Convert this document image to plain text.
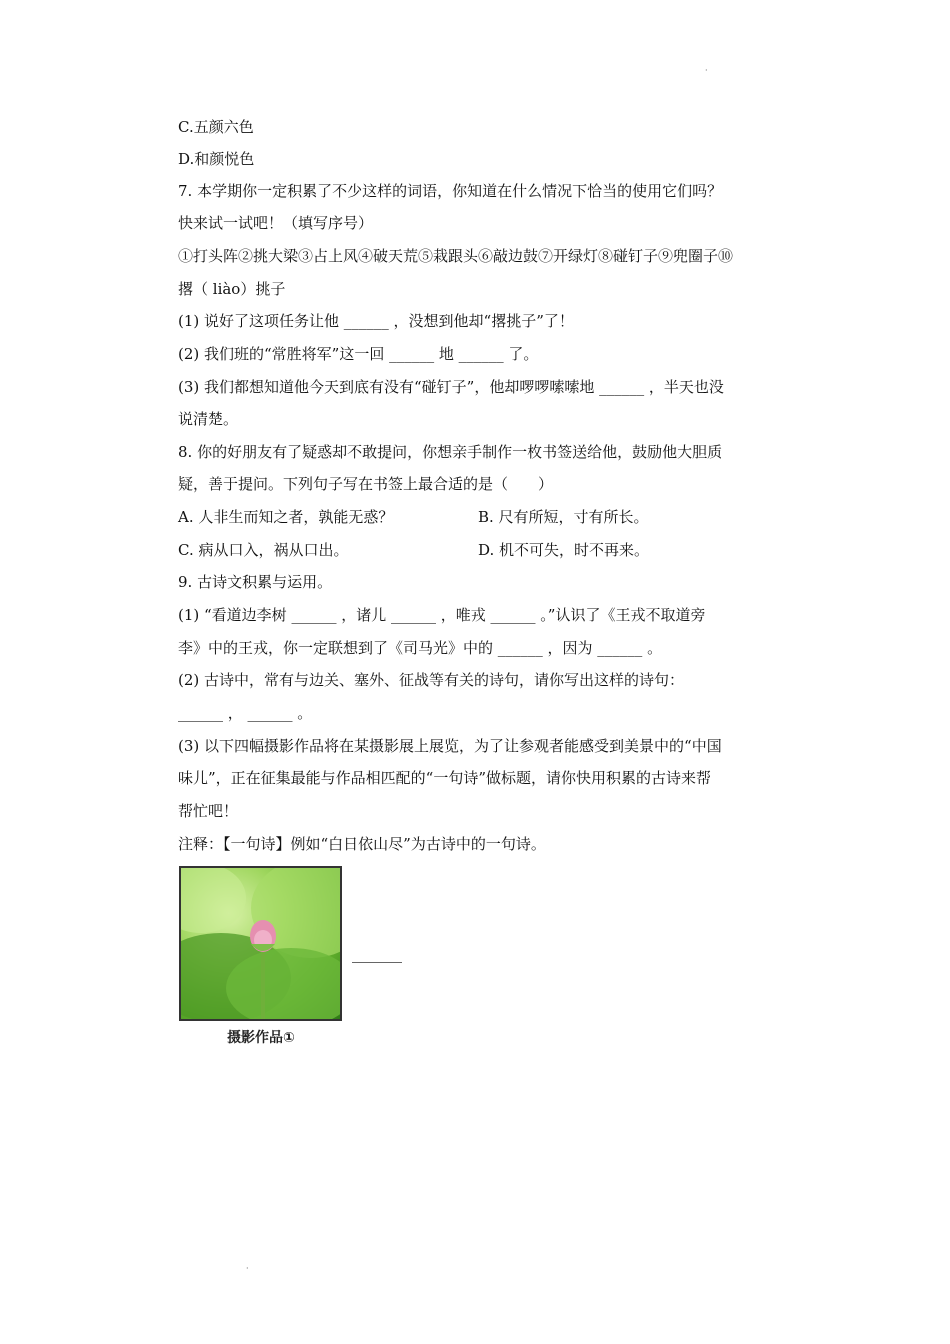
·
C.五颜六色
D.和颜悦色
7. 本学期你一定积累了不少这样的词语，你知道在什么情况下恰当的使用它们吗？
快来试一试吧！（填写序号）
①打头阵②挑大梁③占上风④破天荒⑤栽跟头⑥敲边鼓⑦开绿灯⑧碰钉子⑨兜圈子⑩
撂（ liào）挑子
(1) 说好了这项任务让他 ______ ，没想到他却“撂挑子”了！
(2) 我们班的“常胜将军”这一回 ______ 地 ______ 了。
(3) 我们都想知道他今天到底有没有“碰钉子”，他却啰啰嗦嗦地 ______ ，半天也没
说清楚。
8. 你的好朋友有了疑惑却不敢提问，你想亲手制作一枚书签送给他，鼓励他大胆质
疑，善于提问。下列句子写在书签上最合适的是（　　）
A. 人非生而知之者，孰能无惑？	B. 尺有所短，寸有所长。
C. 病从口入，祸从口出。	D. 机不可失，时不再来。
9. 古诗文积累与运用。
(1) “看道边李树 ______ ，诸儿 ______ ，唯戎 ______ 。”认识了《王戎不取道旁
李》中的王戎，你一定联想到了《司马光》中的 ______ ，因为 ______ 。
(2) 古诗中，常有与边关、塞外、征战等有关的诗句，请你写出这样的诗句：
______ ， ______ 。
(3) 以下四幅摄影作品将在某摄影展上展览，为了让参观者能感受到美景中的“中国
味儿”，正在征集最能与作品相匹配的“一句诗”做标题，请你快用积累的古诗来帮
帮忙吧！
注释：【一句诗】例如“白日依山尽”为古诗中的一句诗。
摄影作品①
·
